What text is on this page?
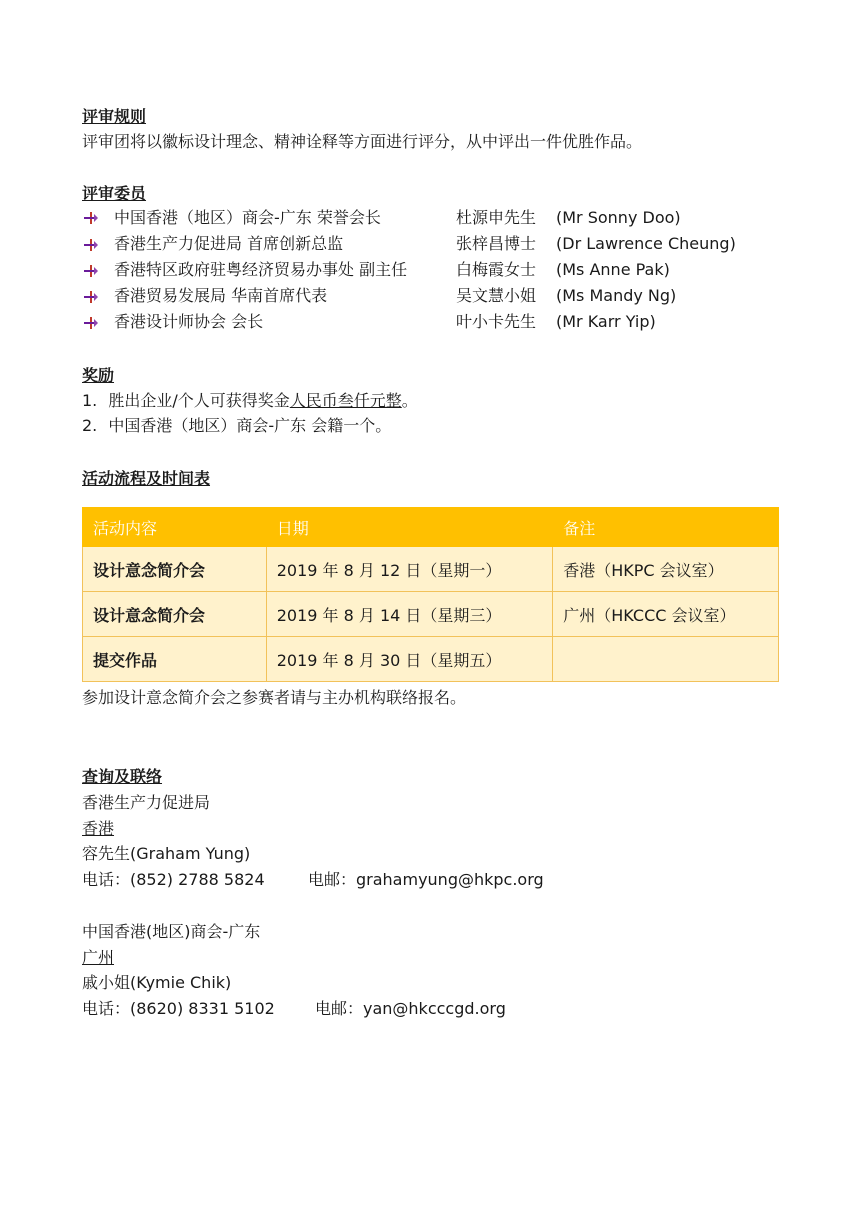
评审规则
评审团将以徽标设计理念、精神诠释等方面进行评分，从中评出一件优胜作品。
评审委员
中国香港（地区）商会-广东 荣誉会长	杜源申先生 (Mr Sonny Doo)
香港生产力促进局 首席创新总监	张梓昌博士 (Dr Lawrence Cheung)
香港特区政府驻粤经济贸易办事处 副主任	白梅霞女士 (Ms Anne Pak)
香港贸易发展局 华南首席代表	吴文慧小姐 (Ms Mandy Ng)
香港设计师协会 会长	叶小卡先生 (Mr Karr Yip)
奖励
1. 胜出企业/个人可获得奖金人民币叁仟元整。
2. 中国香港（地区）商会-广东 会籍一个。
活动流程及时间表
活动内容	日期	备注
设计意念简介会	2019 年 8 月 12 日（星期一）	香港（HKPC 会议室）
设计意念简介会	2019 年 8 月 14 日（星期三）	广州（HKCCC 会议室）
提交作品	2019 年 8 月 30 日（星期五）	
参加设计意念简介会之参赛者请与主办机构联络报名。
查询及联络
香港生产力促进局
香港
容先生(Graham Yung)
电话：(852) 2788 5824	电邮：grahamyung@hkpc.org
中国香港(地区)商会-广东
广州
戚小姐(Kymie Chik)
电话：(8620) 8331 5102	电邮：yan@hkcccgd.org
